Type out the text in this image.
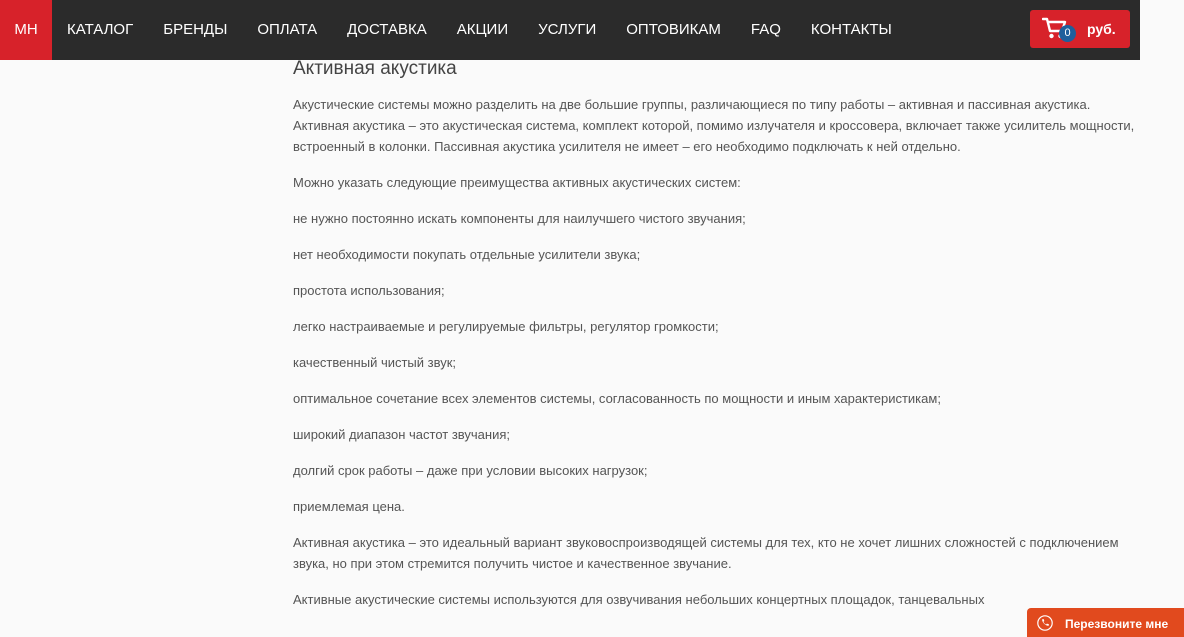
МН	КАТАЛОГ	БРЕНДЫ	ОПЛАТА	ДОСТАВКА	АКЦИИ	УСЛУГИ	ОПТОВИКАМ	FAQ	КОНТАКТЫ	0	руб.
Активная акустика

Акустические системы можно разделить на две большие группы, различающиеся по типу работы – активная и пассивная акустика. Активная акустика – это акустическая система, комплект которой, помимо излучателя и кроссовера, включает также усилитель мощности, встроенный в колонки. Пассивная акустика усилителя не имеет – его необходимо подключать к ней отдельно.

Можно указать следующие преимущества активных акустических систем:

не нужно постоянно искать компоненты для наилучшего чистого звучания;

нет необходимости покупать отдельные усилители звука;

простота использования;

легко настраиваемые и регулируемые фильтры, регулятор громкости;

качественный чистый звук;

оптимальное сочетание всех элементов системы, согласованность по мощности и иным характеристикам;

широкий диапазон частот звучания;

долгий срок работы – даже при условии высоких нагрузок;

приемлемая цена.

Активная акустика – это идеальный вариант звуковоспроизводящей системы для тех, кто не хочет лишних сложностей с подключением звука, но при этом стремится получить чистое и качественное звучание.

Активные акустические системы используются для озвучивания небольших концертных площадок, танцевальных

Перезвоните мне
